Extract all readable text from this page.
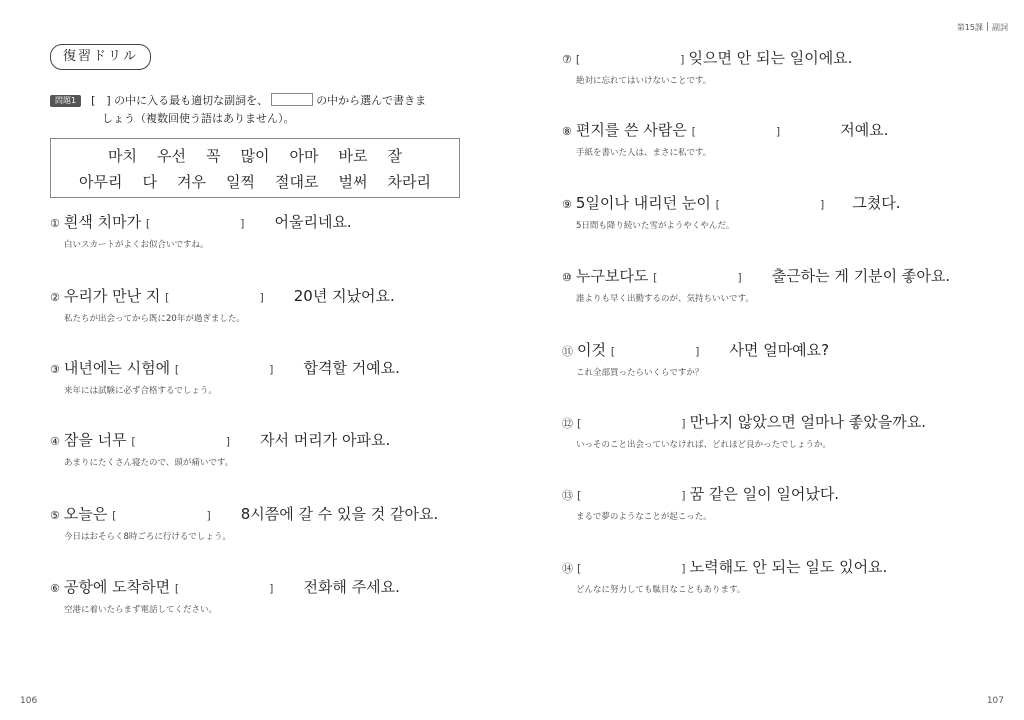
復習ドリル
問題1 [　] の中に入る最も適切な副詞を、	の中から選んで書きま
しょう（複数回使う語はありません）。
마치 우선 꼭 많이 아마 바로 잘
아무리 다 겨우 일찍 절대로 벌써 차라리
106
第15課 副詞
107
① 흰색 치마가 [	] 어울리네요.
白いスカートがよくお似合いですね。
② 우리가 만난 지 [	] 20년 지났어요.
私たちが出会ってから既に20年が過ぎました。
③ 내년에는 시험에 [	] 합격할 거예요.
来年には試験に必ず合格するでしょう。
④ 잠을 너무 [	] 자서 머리가 아파요.
あまりにたくさん寝たので、頭が痛いです。
⑤ 오늘은 [	] 8시쯤에 갈 수 있을 것 같아요.
今日はおそらく8時ごろに行けるでしょう。
⑥ 공항에 도착하면 [	] 전화해 주세요.
空港に着いたらまず電話してください。
⑦ [	] 잊으면 안 되는 일이에요.
絶対に忘れてはいけないことです。
⑧ 편지를 쓴 사람은 [	]	저예요.
手紙を書いた人は、まさに私です。
⑨ 5일이나 내리던 눈이 [	] 그쳤다.
5日間も降り続いた雪がようやくやんだ。
⑩ 누구보다도 [	] 출근하는 게 기분이 좋아요.
誰よりも早く出勤するのが、気持ちいいです。
⑪ 이것 [	] 사면 얼마예요?
これ全部買ったらいくらですか？
⑫ [	] 만나지 않았으면 얼마나 좋았을까요.
いっそのこと出会っていなければ、どれほど良かったでしょうか。
⑬ [	] 꿈 같은 일이 일어났다.
まるで夢のようなことが起こった。
⑭ [	] 노력해도 안 되는 일도 있어요.
どんなに努力しても駄目なこともあります。
